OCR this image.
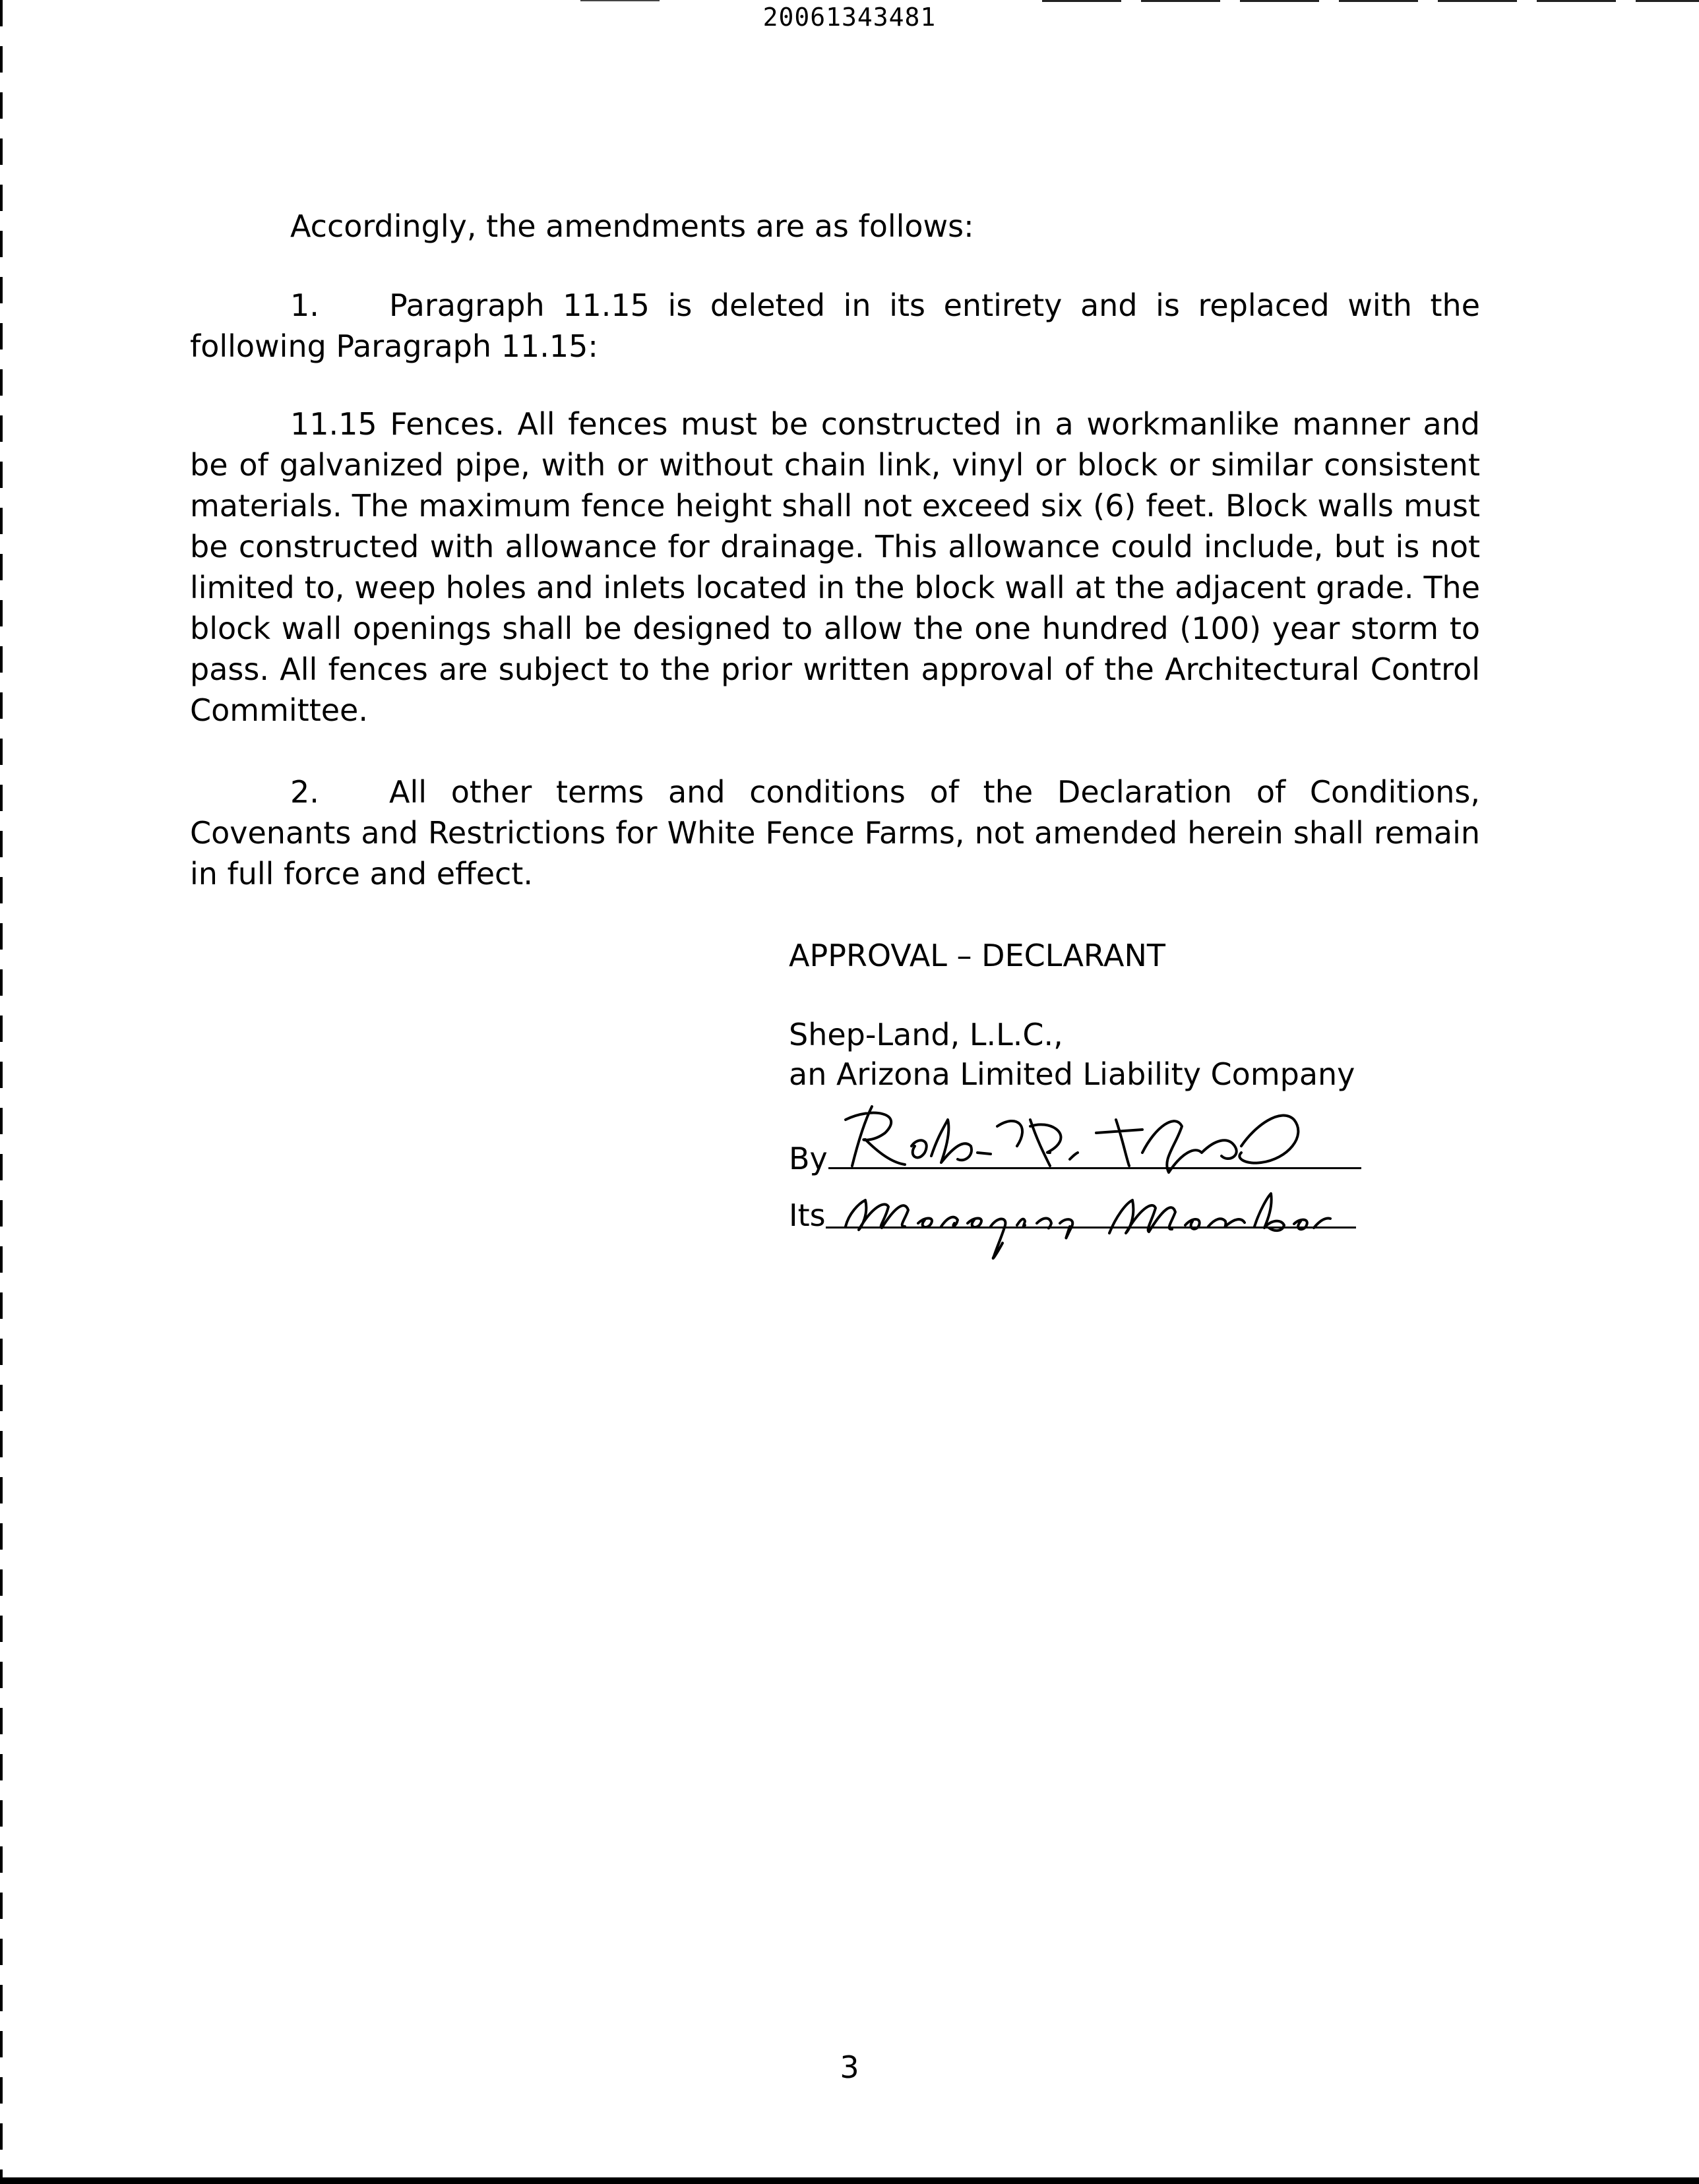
20061343481
Accordingly, the amendments are as follows:
1. Paragraph 11.15 is deleted in its entirety and is replaced with the following Paragraph 11.15:
11.15 Fences. All fences must be constructed in a workmanlike manner and be of galvanized pipe, with or without chain link, vinyl or block or similar consistent materials. The maximum fence height shall not exceed six (6) feet. Block walls must be constructed with allowance for drainage. This allowance could include, but is not limited to, weep holes and inlets located in the block wall at the adjacent grade. The block wall openings shall be designed to allow the one hundred (100) year storm to pass. All fences are subject to the prior written approval of the Architectural Control Committee.
2. All other terms and conditions of the Declaration of Conditions, Covenants and Restrictions for White Fence Farms, not amended herein shall remain in full force and effect.
APPROVAL – DECLARANT
Shep-Land, L.L.C.,
an Arizona Limited Liability Company
By
Its
3
